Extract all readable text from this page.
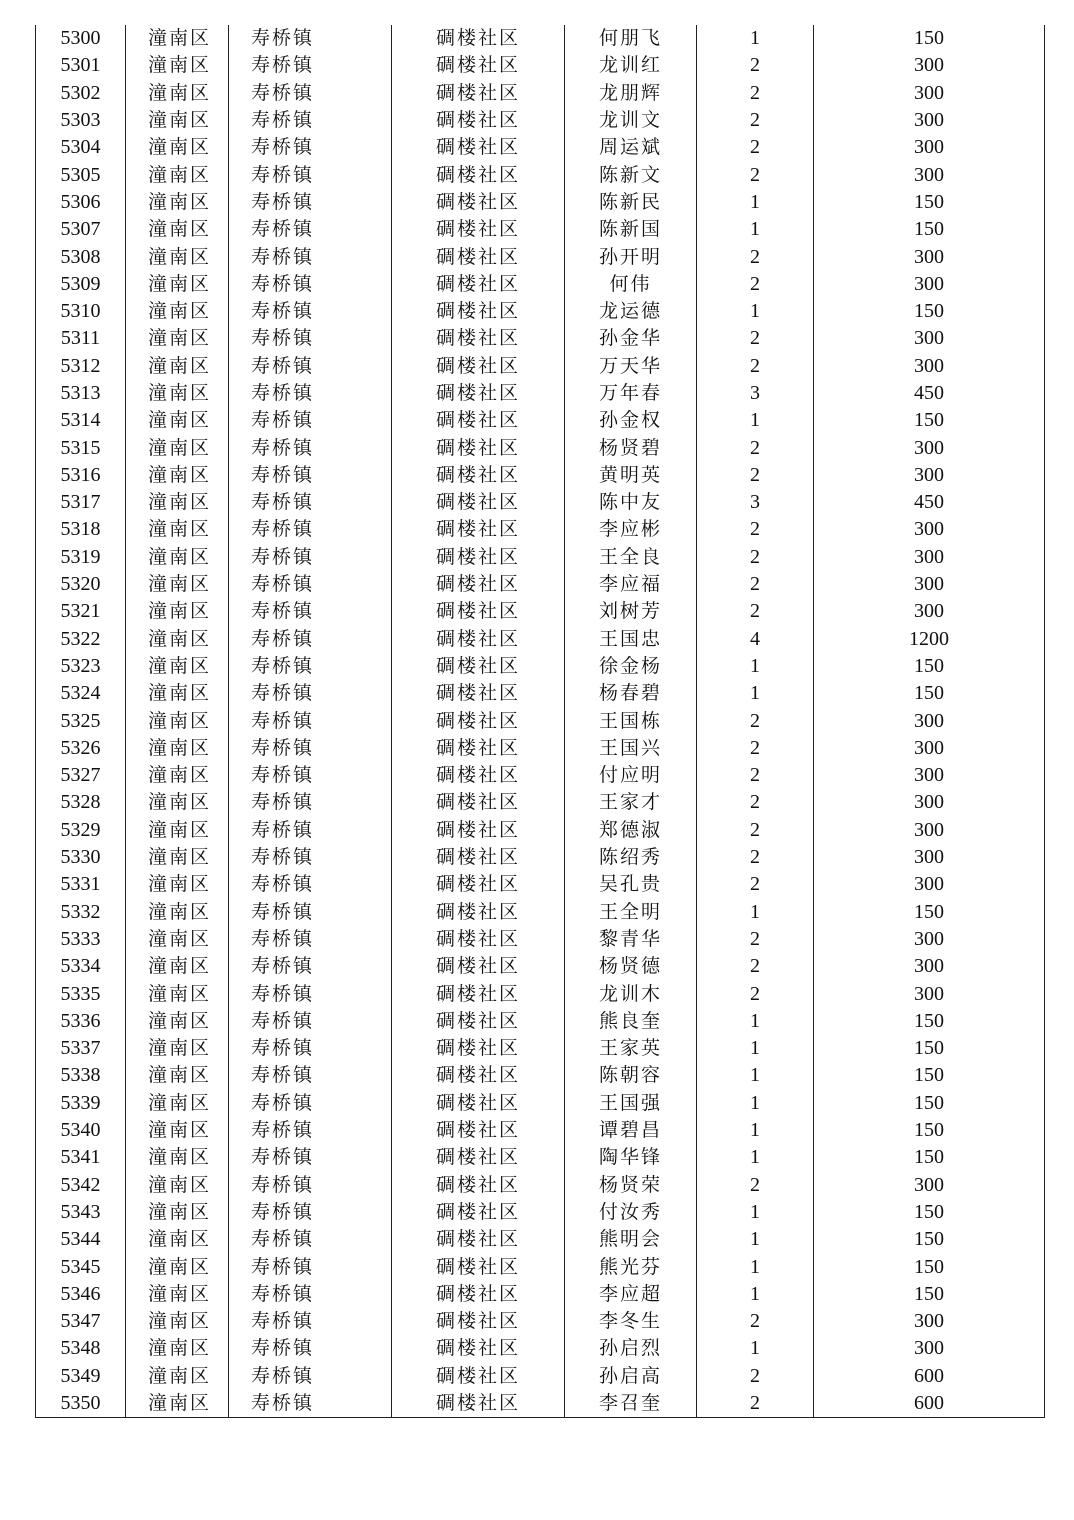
5300	潼南区	寿桥镇	碉楼社区	何朋飞	1	150
5301	潼南区	寿桥镇	碉楼社区	龙训红	2	300
5302	潼南区	寿桥镇	碉楼社区	龙朋辉	2	300
5303	潼南区	寿桥镇	碉楼社区	龙训文	2	300
5304	潼南区	寿桥镇	碉楼社区	周运斌	2	300
5305	潼南区	寿桥镇	碉楼社区	陈新文	2	300
5306	潼南区	寿桥镇	碉楼社区	陈新民	1	150
5307	潼南区	寿桥镇	碉楼社区	陈新国	1	150
5308	潼南区	寿桥镇	碉楼社区	孙开明	2	300
5309	潼南区	寿桥镇	碉楼社区	何伟	2	300
5310	潼南区	寿桥镇	碉楼社区	龙运德	1	150
5311	潼南区	寿桥镇	碉楼社区	孙金华	2	300
5312	潼南区	寿桥镇	碉楼社区	万天华	2	300
5313	潼南区	寿桥镇	碉楼社区	万年春	3	450
5314	潼南区	寿桥镇	碉楼社区	孙金权	1	150
5315	潼南区	寿桥镇	碉楼社区	杨贤碧	2	300
5316	潼南区	寿桥镇	碉楼社区	黄明英	2	300
5317	潼南区	寿桥镇	碉楼社区	陈中友	3	450
5318	潼南区	寿桥镇	碉楼社区	李应彬	2	300
5319	潼南区	寿桥镇	碉楼社区	王全良	2	300
5320	潼南区	寿桥镇	碉楼社区	李应福	2	300
5321	潼南区	寿桥镇	碉楼社区	刘树芳	2	300
5322	潼南区	寿桥镇	碉楼社区	王国忠	4	1200
5323	潼南区	寿桥镇	碉楼社区	徐金杨	1	150
5324	潼南区	寿桥镇	碉楼社区	杨春碧	1	150
5325	潼南区	寿桥镇	碉楼社区	王国栋	2	300
5326	潼南区	寿桥镇	碉楼社区	王国兴	2	300
5327	潼南区	寿桥镇	碉楼社区	付应明	2	300
5328	潼南区	寿桥镇	碉楼社区	王家才	2	300
5329	潼南区	寿桥镇	碉楼社区	郑德淑	2	300
5330	潼南区	寿桥镇	碉楼社区	陈绍秀	2	300
5331	潼南区	寿桥镇	碉楼社区	吴孔贵	2	300
5332	潼南区	寿桥镇	碉楼社区	王全明	1	150
5333	潼南区	寿桥镇	碉楼社区	黎青华	2	300
5334	潼南区	寿桥镇	碉楼社区	杨贤德	2	300
5335	潼南区	寿桥镇	碉楼社区	龙训木	2	300
5336	潼南区	寿桥镇	碉楼社区	熊良奎	1	150
5337	潼南区	寿桥镇	碉楼社区	王家英	1	150
5338	潼南区	寿桥镇	碉楼社区	陈朝容	1	150
5339	潼南区	寿桥镇	碉楼社区	王国强	1	150
5340	潼南区	寿桥镇	碉楼社区	谭碧昌	1	150
5341	潼南区	寿桥镇	碉楼社区	陶华锋	1	150
5342	潼南区	寿桥镇	碉楼社区	杨贤荣	2	300
5343	潼南区	寿桥镇	碉楼社区	付汝秀	1	150
5344	潼南区	寿桥镇	碉楼社区	熊明会	1	150
5345	潼南区	寿桥镇	碉楼社区	熊光芬	1	150
5346	潼南区	寿桥镇	碉楼社区	李应超	1	150
5347	潼南区	寿桥镇	碉楼社区	李冬生	2	300
5348	潼南区	寿桥镇	碉楼社区	孙启烈	1	300
5349	潼南区	寿桥镇	碉楼社区	孙启高	2	600
5350	潼南区	寿桥镇	碉楼社区	李召奎	2	600
